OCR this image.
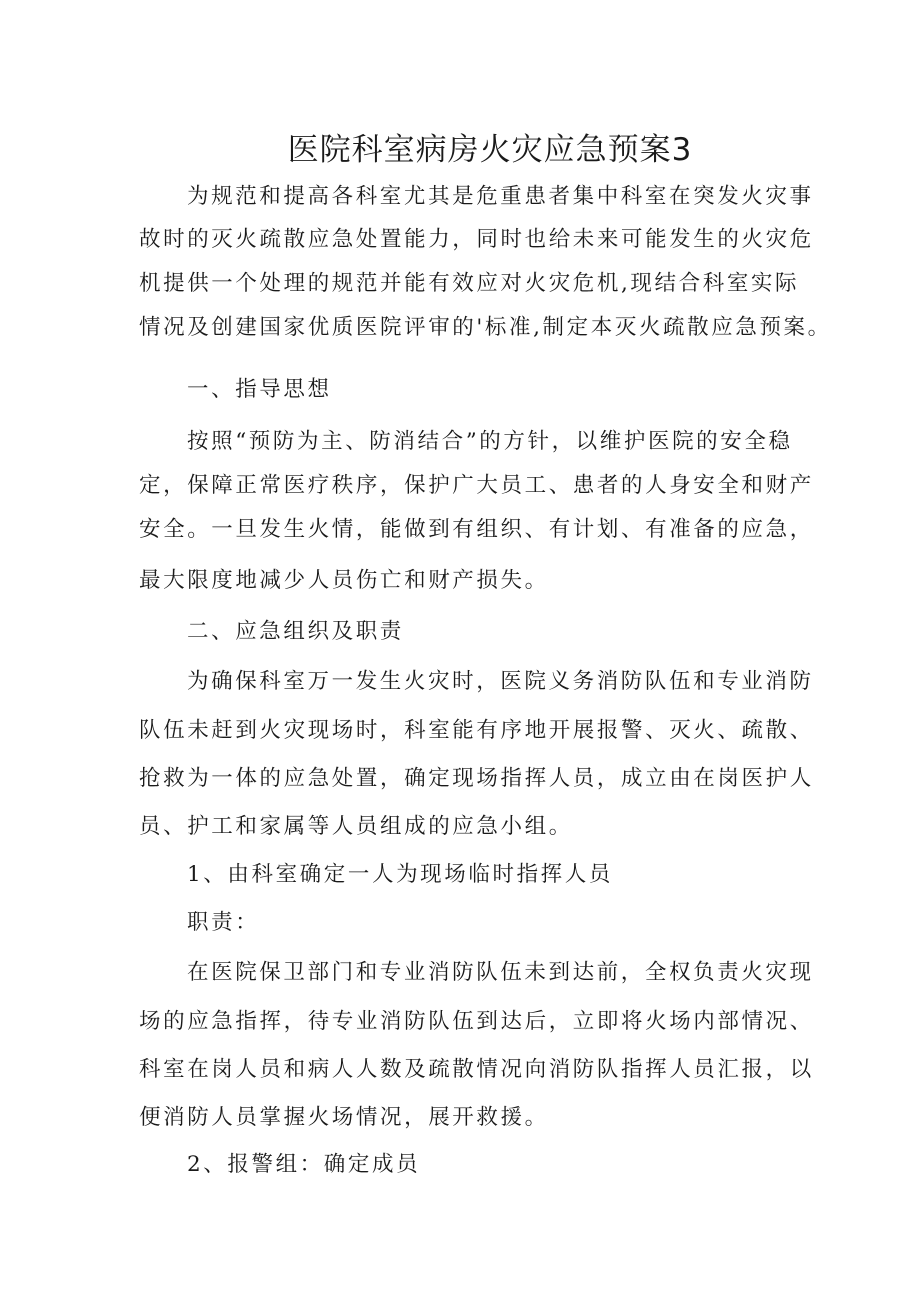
医院科室病房火灾应急预案3

为规范和提高各科室尤其是危重患者集中科室在突发火灾事

故时的灭火疏散应急处置能力，同时也给未来可能发生的火灾危

机提供一个处理的规范并能有效应对火灾危机,现结合科室实际

情况及创建国家优质医院评审的'标准,制定本灭火疏散应急预案。

一、指导思想

按照“预防为主、防消结合”的方针，以维护医院的安全稳

定，保障正常医疗秩序，保护广大员工、患者的人身安全和财产

安全。一旦发生火情，能做到有组织、有计划、有准备的应急，

最大限度地减少人员伤亡和财产损失。

二、应急组织及职责

为确保科室万一发生火灾时，医院义务消防队伍和专业消防

队伍未赶到火灾现场时，科室能有序地开展报警、灭火、疏散、

抢救为一体的应急处置，确定现场指挥人员，成立由在岗医护人

员、护工和家属等人员组成的应急小组。

1、由科室确定一人为现场临时指挥人员

职责：

在医院保卫部门和专业消防队伍未到达前，全权负责火灾现

场的应急指挥，待专业消防队伍到达后，立即将火场内部情况、

科室在岗人员和病人人数及疏散情况向消防队指挥人员汇报，以

便消防人员掌握火场情况，展开救援。

2、报警组：确定成员
